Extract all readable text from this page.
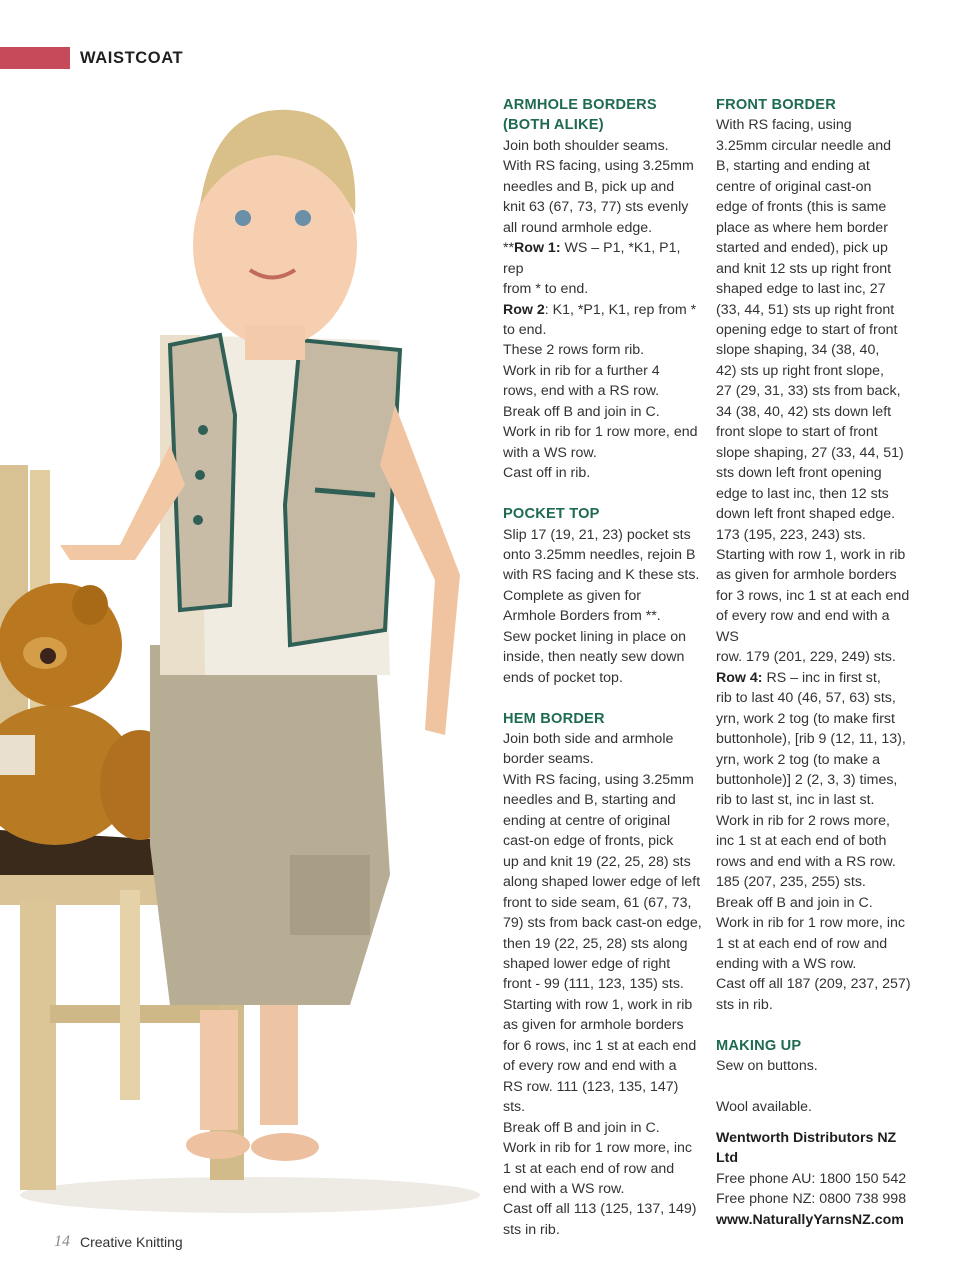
WAISTCOAT
ARMHOLE BORDERS
(BOTH ALIKE)

Join both shoulder seams.

With RS facing, using 3.25mm

needles and B, pick up and

knit 63 (67, 73, 77) sts evenly

all round armhole edge.

**Row 1: WS – P1, *K1, P1, rep

from * to end.

Row 2: K1, *P1, K1, rep from *

to end.

These 2 rows form rib.

Work in rib for a further 4

rows, end with a RS row.

Break off B and join in C.

Work in rib for 1 row more, end

with a WS row.

Cast off in rib.

POCKET TOP

Slip 17 (19, 21, 23) pocket sts

onto 3.25mm needles, rejoin B

with RS facing and K these sts.

Complete as given for

Armhole Borders from **.

Sew pocket lining in place on

inside, then neatly sew down

ends of pocket top.

HEM BORDER

Join both side and armhole

border seams.

With RS facing, using 3.25mm

needles and B, starting and

ending at centre of original

cast-on edge of fronts, pick

up and knit 19 (22, 25, 28) sts

along shaped lower edge of left

front to side seam, 61 (67, 73,

79) sts from back cast-on edge,

then 19 (22, 25, 28) sts along

shaped lower edge of right

front - 99 (111, 123, 135) sts.

Starting with row 1, work in rib

as given for armhole borders

for 6 rows, inc 1 st at each end

of every row and end with a

RS row. 111 (123, 135, 147) sts.

Break off B and join in C.

Work in rib for 1 row more, inc

1 st at each end of row and

end with a WS row.

Cast off all 113 (125, 137, 149)

sts in rib.

FRONT BORDER

With RS facing, using

3.25mm circular needle and

B, starting and ending at

centre of original cast-on

edge of fronts (this is same

place as where hem border

started and ended), pick up

and knit 12 sts up right front

shaped edge to last inc, 27

(33, 44, 51) sts up right front

opening edge to start of front

slope shaping, 34 (38, 40,

42) sts up right front slope,

27 (29, 31, 33) sts from back,

34 (38, 40, 42) sts down left

front slope to start of front

slope shaping, 27 (33, 44, 51)

sts down left front opening

edge to last inc, then 12 sts

down left front shaped edge.

173 (195, 223, 243) sts.

Starting with row 1, work in rib

as given for armhole borders

for 3 rows, inc 1 st at each end

of every row and end with a WS

row. 179 (201, 229, 249) sts.

Row 4: RS – inc in first st,

rib to last 40 (46, 57, 63) sts,

yrn, work 2 tog (to make first

buttonhole), [rib 9 (12, 11, 13),

yrn, work 2 tog (to make a

buttonhole)] 2 (2, 3, 3) times,

rib to last st, inc in last st.

Work in rib for 2 rows more,

inc 1 st at each end of both

rows and end with a RS row.

185 (207, 235, 255) sts.

Break off B and join in C.

Work in rib for 1 row more, inc

1 st at each end of row and

ending with a WS row.

Cast off all 187 (209, 237, 257)

sts in rib.

MAKING UP

Sew on buttons.

Wool available.

Wentworth Distributors NZ Ltd

Free phone AU: 1800 150 542

Free phone NZ: 0800 738 998

www.NaturallyYarnsNZ.com

14 Creative Knitting
